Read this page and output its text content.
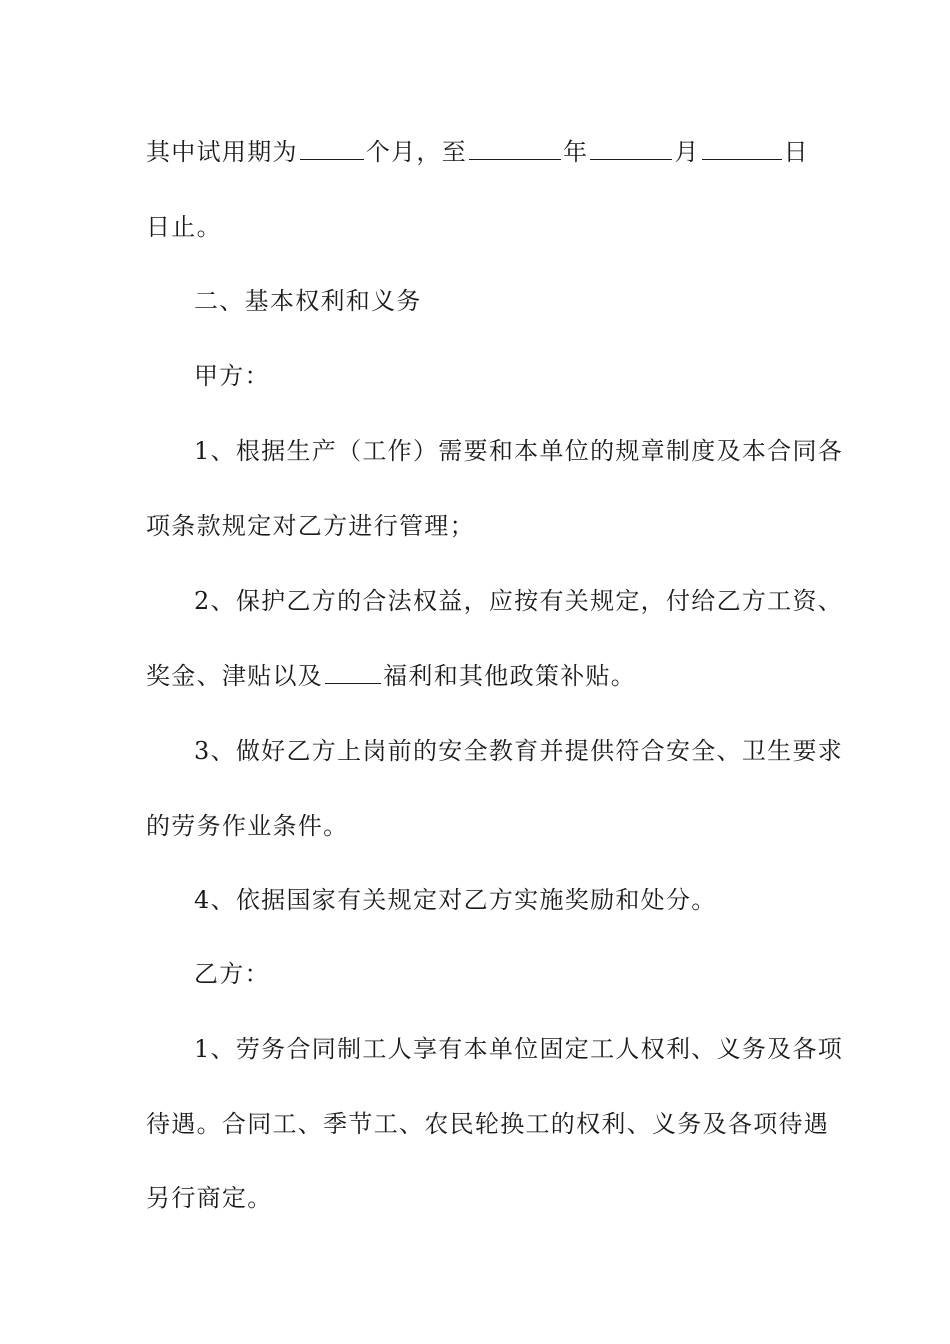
其中试用期为	个月，至	年	月	日
日止。
二、基本权利和义务
甲方：
1、根据生产（工作）需要和本单位的规章制度及本合同各
项条款规定对乙方进行管理；
2、保护乙方的合法权益，应按有关规定，付给乙方工资、
奖金、津贴以及	福利和其他政策补贴。
3、做好乙方上岗前的安全教育并提供符合安全、卫生要求
的劳务作业条件。
4、依据国家有关规定对乙方实施奖励和处分。
乙方：
1、劳务合同制工人享有本单位固定工人权利、义务及各项
待遇。合同工、季节工、农民轮换工的权利、义务及各项待遇
另行商定。
